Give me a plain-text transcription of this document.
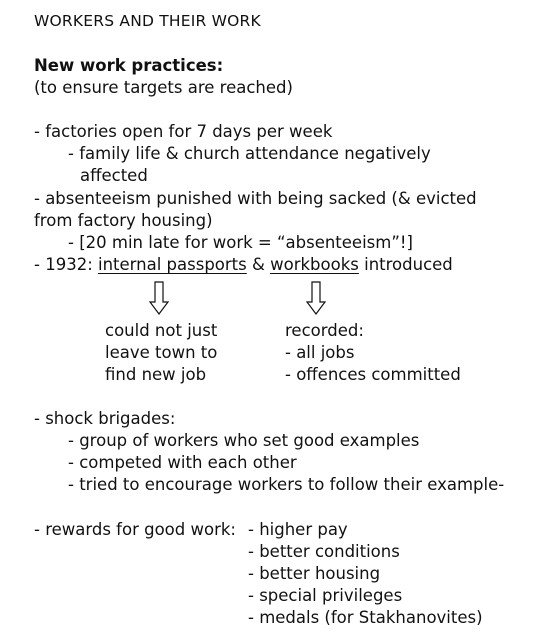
WORKERS AND THEIR WORK
New work practices:
(to ensure targets are reached)
- factories open for 7 days per week
- family life & church attendance negatively
affected
- absenteeism punished with being sacked (& evicted
from factory housing)
- [20 min late for work = “absenteeism”!]
- 1932: internal passports & workbooks introduced
could not just
leave town to
find new job
recorded:
- all jobs
- offences committed
- shock brigades:
- group of workers who set good examples
- competed with each other
- tried to encourage workers to follow their example-
- rewards for good work: - higher pay
- better conditions
- better housing
- special privileges
- medals (for Stakhanovites)
